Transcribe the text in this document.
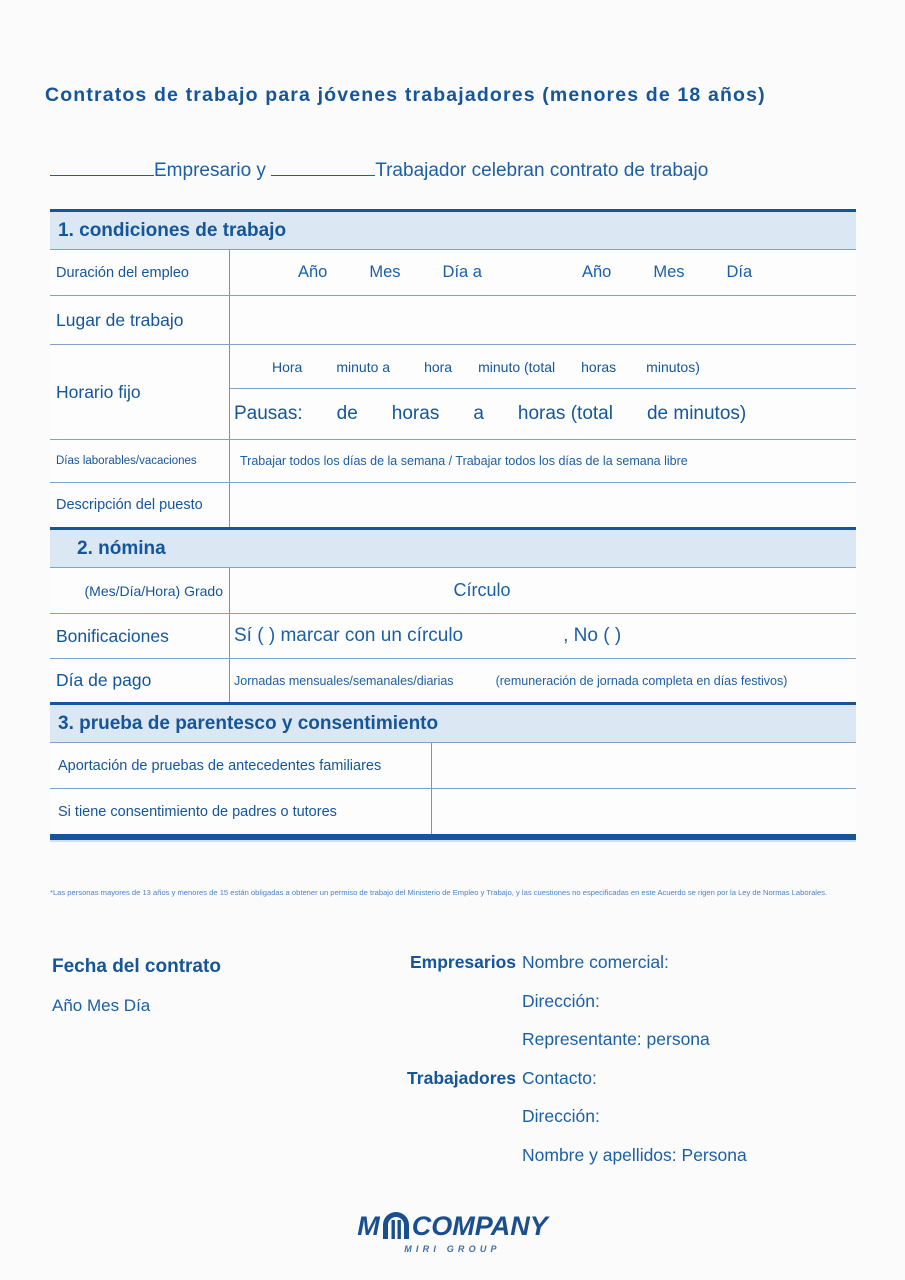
Contratos de trabajo para jóvenes trabajadores (menores de 18 años)
Empresario y	Trabajador celebran contrato de trabajo
1. condiciones de trabajo
Duración del empleo	Año	Mes	Día a	Año	Mes	Día
Lugar de trabajo
Horario fijo
Hora minuto a hora minuto (total horas minutos)
Pausas: de horas a horas (total de minutos)
Días laborables/vacaciones	Trabajar todos los días de la semana / Trabajar todos los días de la semana libre
Descripción del puesto
2. nómina
(Mes/Día/Hora) Grado	Círculo
Bonificaciones	Sí ( ) marcar con un círculo	, No ( )
Día de pago	Jornadas mensuales/semanales/diarias	(remuneración de jornada completa en días festivos)
3. prueba de parentesco y consentimiento
Aportación de pruebas de antecedentes familiares
Si tiene consentimiento de padres o tutores
*Las personas mayores de 13 años y menores de 15 están obligadas a obtener un permiso de trabajo del Ministerio de Empleo y Trabajo, y las cuestiones no especificadas en este Acuerdo se rigen por la Ley de Normas Laborales.
Fecha del contrato
Año Mes Día
Empresarios Nombre comercial:
Dirección:
Representante: persona
Trabajadores Contacto:
Dirección:
Nombre y apellidos: Persona
M COMPANY
MIRI GROUP
